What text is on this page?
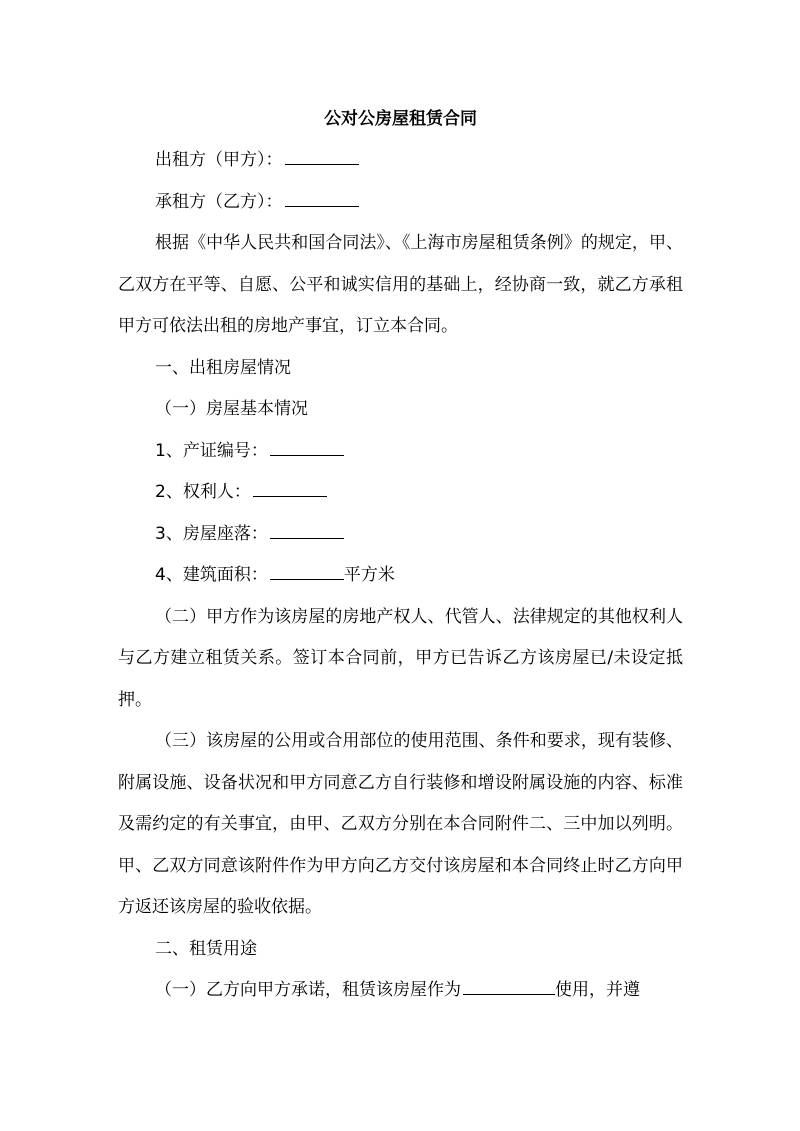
公对公房屋租赁合同
出租方（甲方）：
承租方（乙方）：

根据《中华人民共和国合同法》、《上海市房屋租赁条例》的规定，甲、乙双方在平等、自愿、公平和诚实信用的基础上，经协商一致，就乙方承租甲方可依法出租的房地产事宜，订立本合同。

一、出租房屋情况
（一）房屋基本情况
1、产证编号：
2、权利人：
3、房屋座落：
4、建筑面积：	平方米

（二）甲方作为该房屋的房地产权人、代管人、法律规定的其他权利人与乙方建立租赁关系。签订本合同前，甲方已告诉乙方该房屋已/未设定抵押。

（三）该房屋的公用或合用部位的使用范围、条件和要求，现有装修、附属设施、设备状况和甲方同意乙方自行装修和增设附属设施的内容、标准及需约定的有关事宜，由甲、乙双方分别在本合同附件二、三中加以列明。甲、乙双方同意该附件作为甲方向乙方交付该房屋和本合同终止时乙方向甲方返还该房屋的验收依据。

二、租赁用途
（一）乙方向甲方承诺，租赁该房屋作为	使用，并遵
